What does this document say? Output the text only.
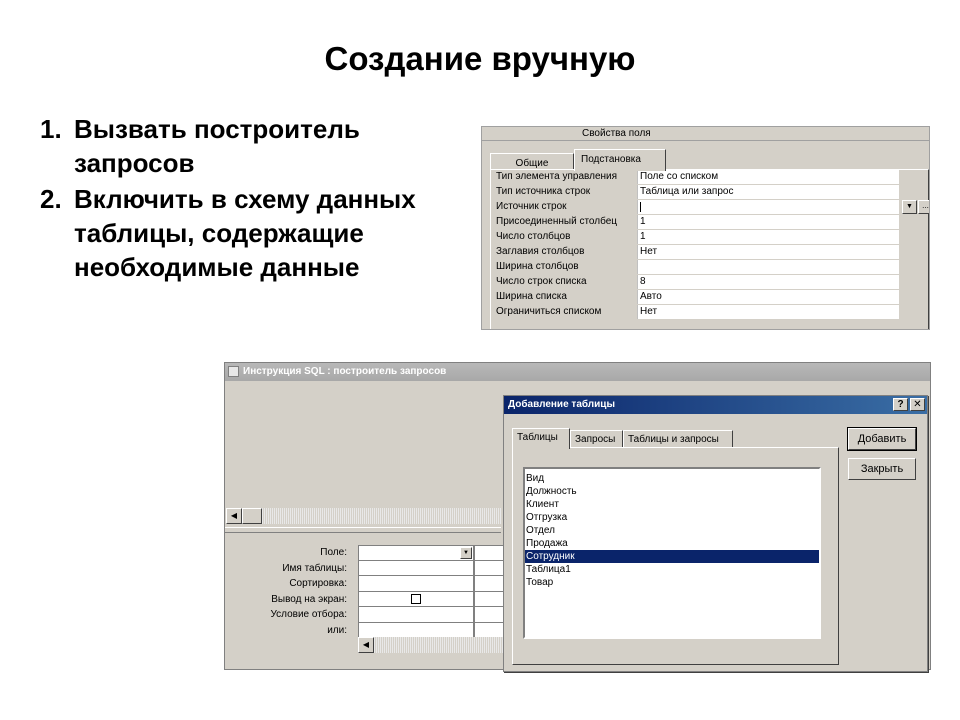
Создание вручную
1. Вызвать построитель запросов
2. Включить в схему данных таблицы, содержащие необходимые данные
Свойства поля
Общие	Подстановка
Тип элемента управления	Поле со списком
Тип источника строк	Таблица или запрос
Источник строк	▼	...
Присоединенный столбец	1
Число столбцов	1
Заглавия столбцов	Нет
Ширина столбцов
Число строк списка	8
Ширина списка	Авто
Ограничиться списком	Нет
Инструкция SQL : построитель запросов
◀
Поле:
Имя таблицы:
Сортировка:
Вывод на экран:
Условие отбора:
или:
▼
◀
Добавление таблицы	? ✕
Таблицы	Запросы	Таблицы и запросы
Вид
Должность
Клиент
Отгрузка
Отдел
Продажа
Сотрудник
Таблица1
Товар
Добавить
Закрыть
